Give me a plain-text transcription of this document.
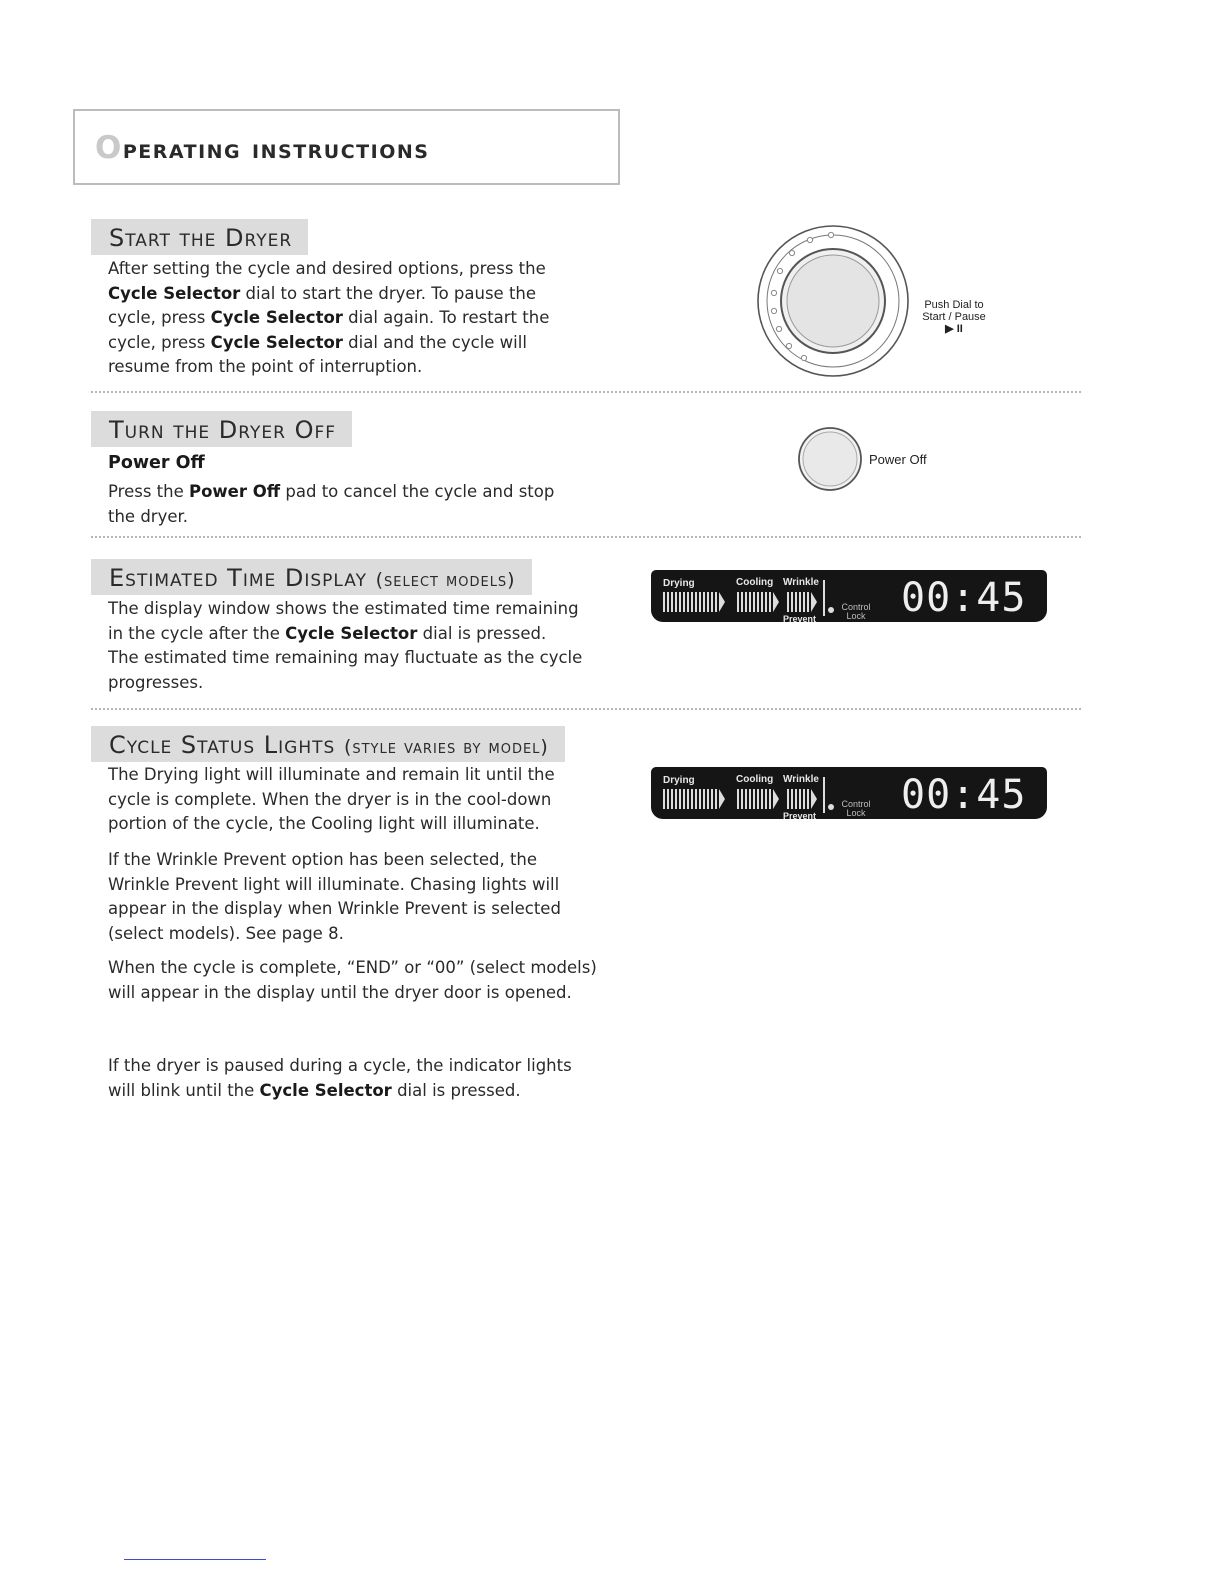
Operating instructions
Start the Dryer
After setting the cycle and desired options, press the
Cycle Selector dial to start the dryer. To pause the
cycle, press Cycle Selector dial again. To restart the
cycle, press Cycle Selector dial and the cycle will
resume from the point of interruption.
Push Dial to
Start / Pause
▶ II
Turn the Dryer Off

Power Off

Press the Power Off pad to cancel the cycle and stop
the dryer.
Power Off
Estimated Time Display (select models)
The display window shows the estimated time remaining
in the cycle after the Cycle Selector dial is pressed.
The estimated time remaining may fluctuate as the cycle
progresses.
Drying	Cooling Wrinkle
Prevent
Control
Lock 00:45
Cycle Status Lights (style varies by model)

The Drying light will illuminate and remain lit until the cycle is complete. When the dryer is in the cool-down portion of the cycle, the Cooling light will illuminate.

If the Wrinkle Prevent option has been selected, the Wrinkle Prevent light will illuminate. Chasing lights will appear in the display when Wrinkle Prevent is selected (select models). See page 8.

When the cycle is complete, “END” or “00” (select models) will appear in the display until the dryer door is opened.

If the dryer is paused during a cycle, the indicator lights will blink until the Cycle Selector dial is pressed.

Drying	Cooling Wrinkle
Prevent
Control
Lock 00:45
